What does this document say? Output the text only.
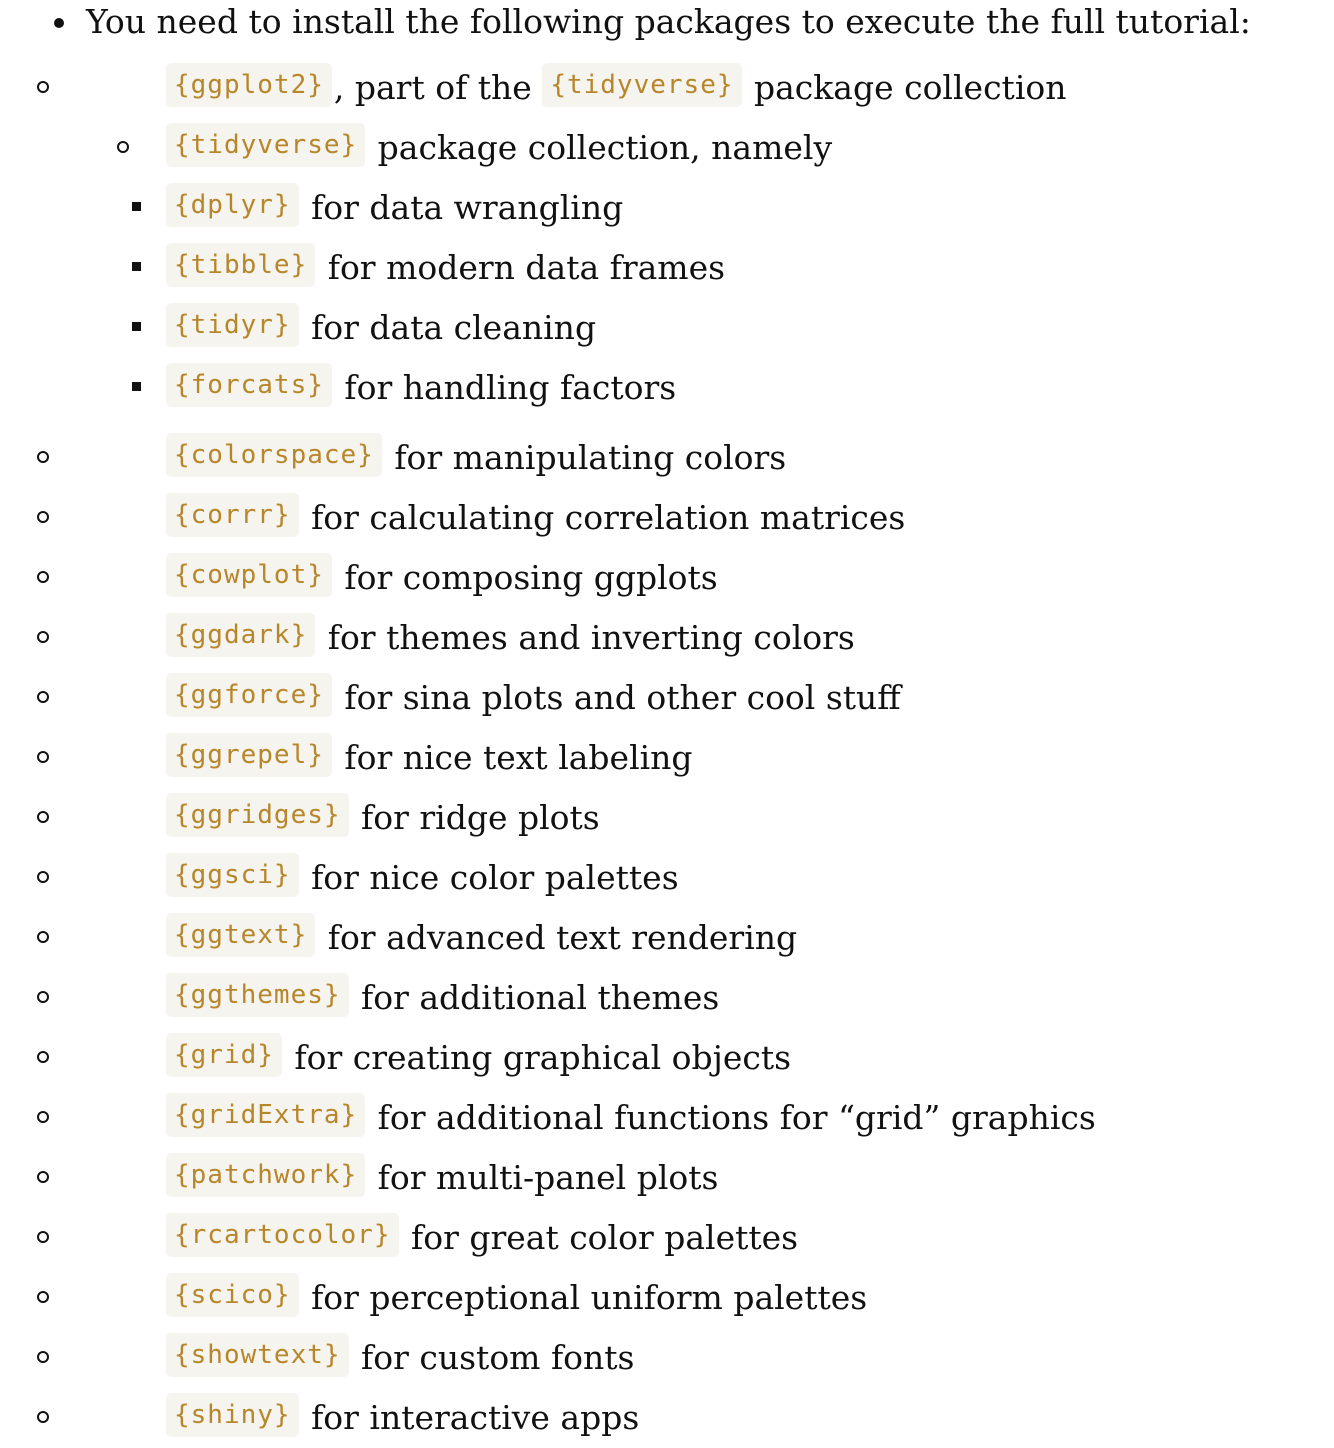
You need to install the following packages to execute the full tutorial:
{ggplot2} , part of the {tidyverse} package collection
{tidyverse} package collection, namely
{dplyr} for data wrangling
{tibble} for modern data frames
{tidyr} for data cleaning
{forcats} for handling factors
{colorspace} for manipulating colors
{corrr} for calculating correlation matrices
{cowplot} for composing ggplots
{ggdark} for themes and inverting colors
{ggforce} for sina plots and other cool stuff
{ggrepel} for nice text labeling
{ggridges} for ridge plots
{ggsci} for nice color palettes
{ggtext} for advanced text rendering
{ggthemes} for additional themes
{grid} for creating graphical objects
{gridExtra} for additional functions for “grid” graphics
{patchwork} for multi-panel plots
{rcartocolor} for great color palettes
{scico} for perceptional uniform palettes
{showtext} for custom fonts
{shiny} for interactive apps
